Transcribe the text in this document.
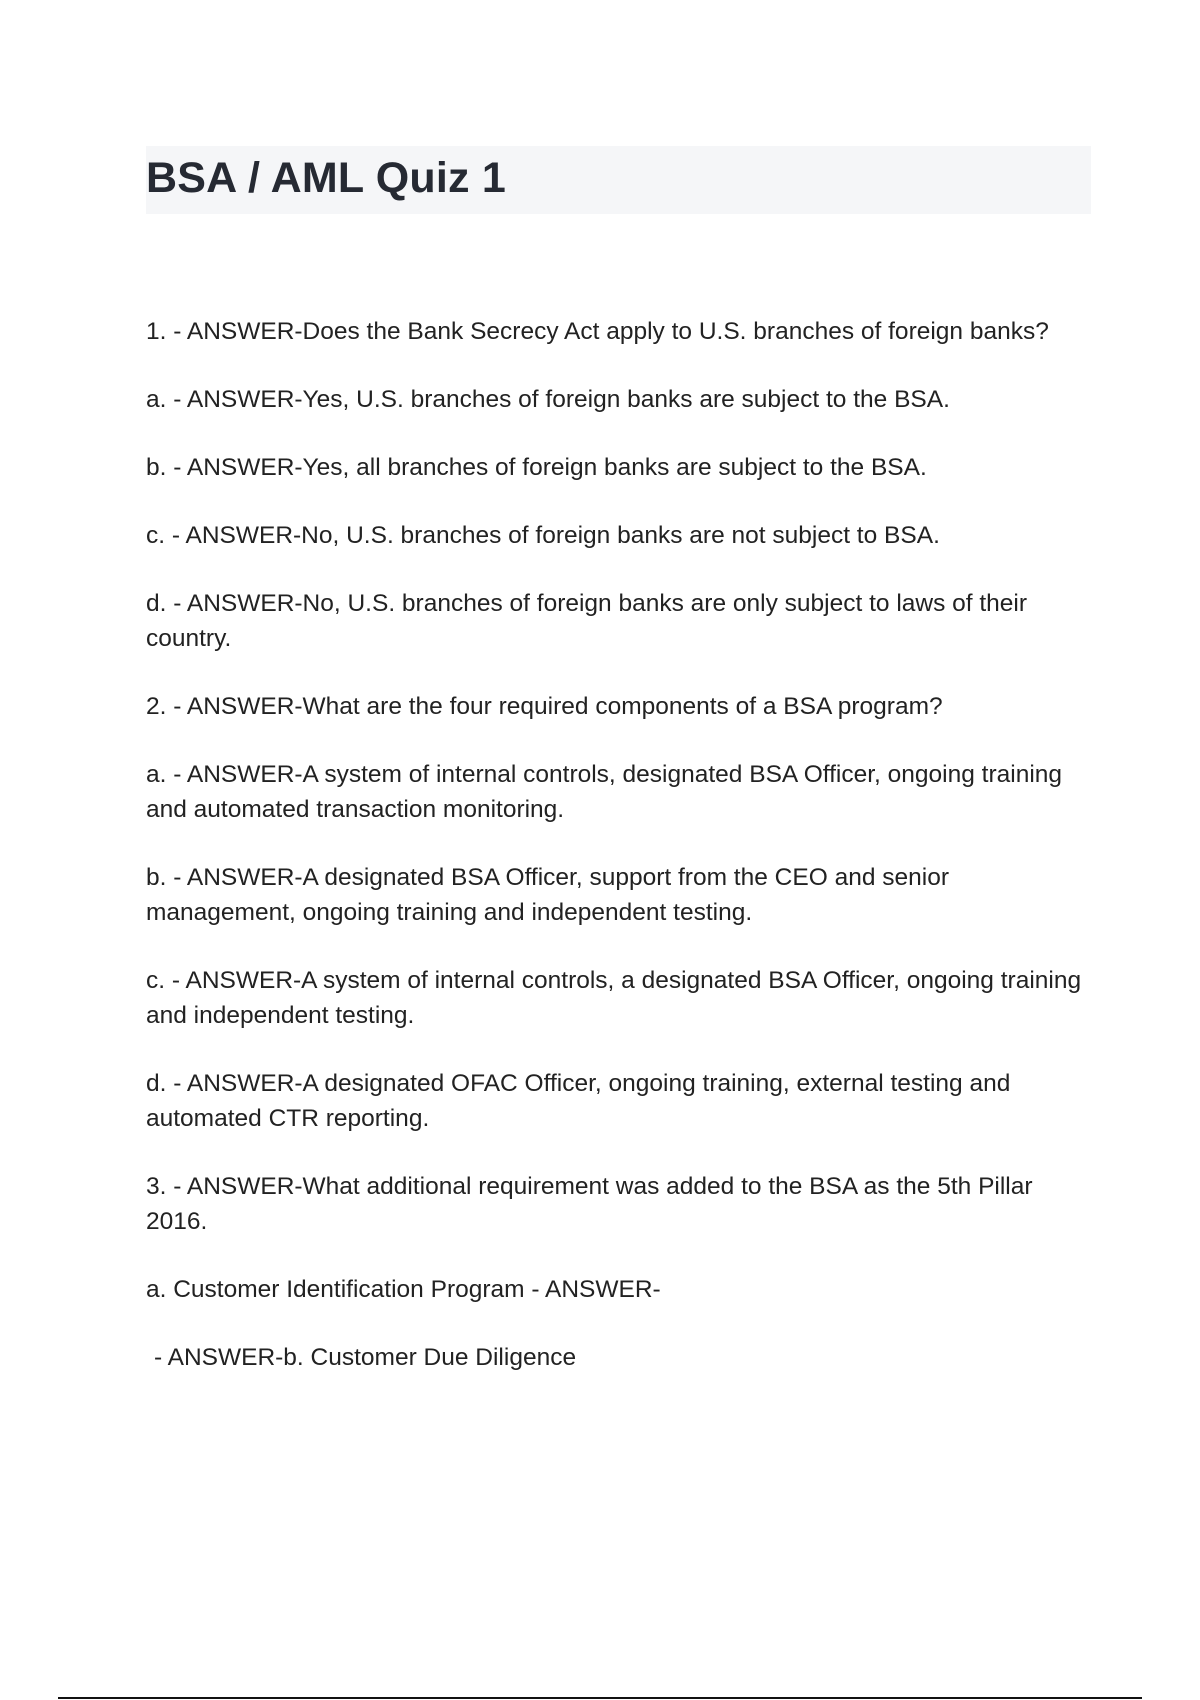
BSA / AML Quiz 1

1. - ANSWER-Does the Bank Secrecy Act apply to U.S. branches of foreign banks?

a. - ANSWER-Yes, U.S. branches of foreign banks are subject to the BSA.

b. - ANSWER-Yes, all branches of foreign banks are subject to the BSA.

c. - ANSWER-No, U.S. branches of foreign banks are not subject to BSA.

d. - ANSWER-No, U.S. branches of foreign banks are only subject to laws of their country.

2. - ANSWER-What are the four required components of a BSA program?

a. - ANSWER-A system of internal controls, designated BSA Officer, ongoing training and automated transaction monitoring.

b. - ANSWER-A designated BSA Officer, support from the CEO and senior management, ongoing training and independent testing.

c. - ANSWER-A system of internal controls, a designated BSA Officer, ongoing training and independent testing.

d. - ANSWER-A designated OFAC Officer, ongoing training, external testing and automated CTR reporting.

3. - ANSWER-What additional requirement was added to the BSA as the 5th Pillar 2016.

a. Customer Identification Program - ANSWER-

- ANSWER-b. Customer Due Diligence
